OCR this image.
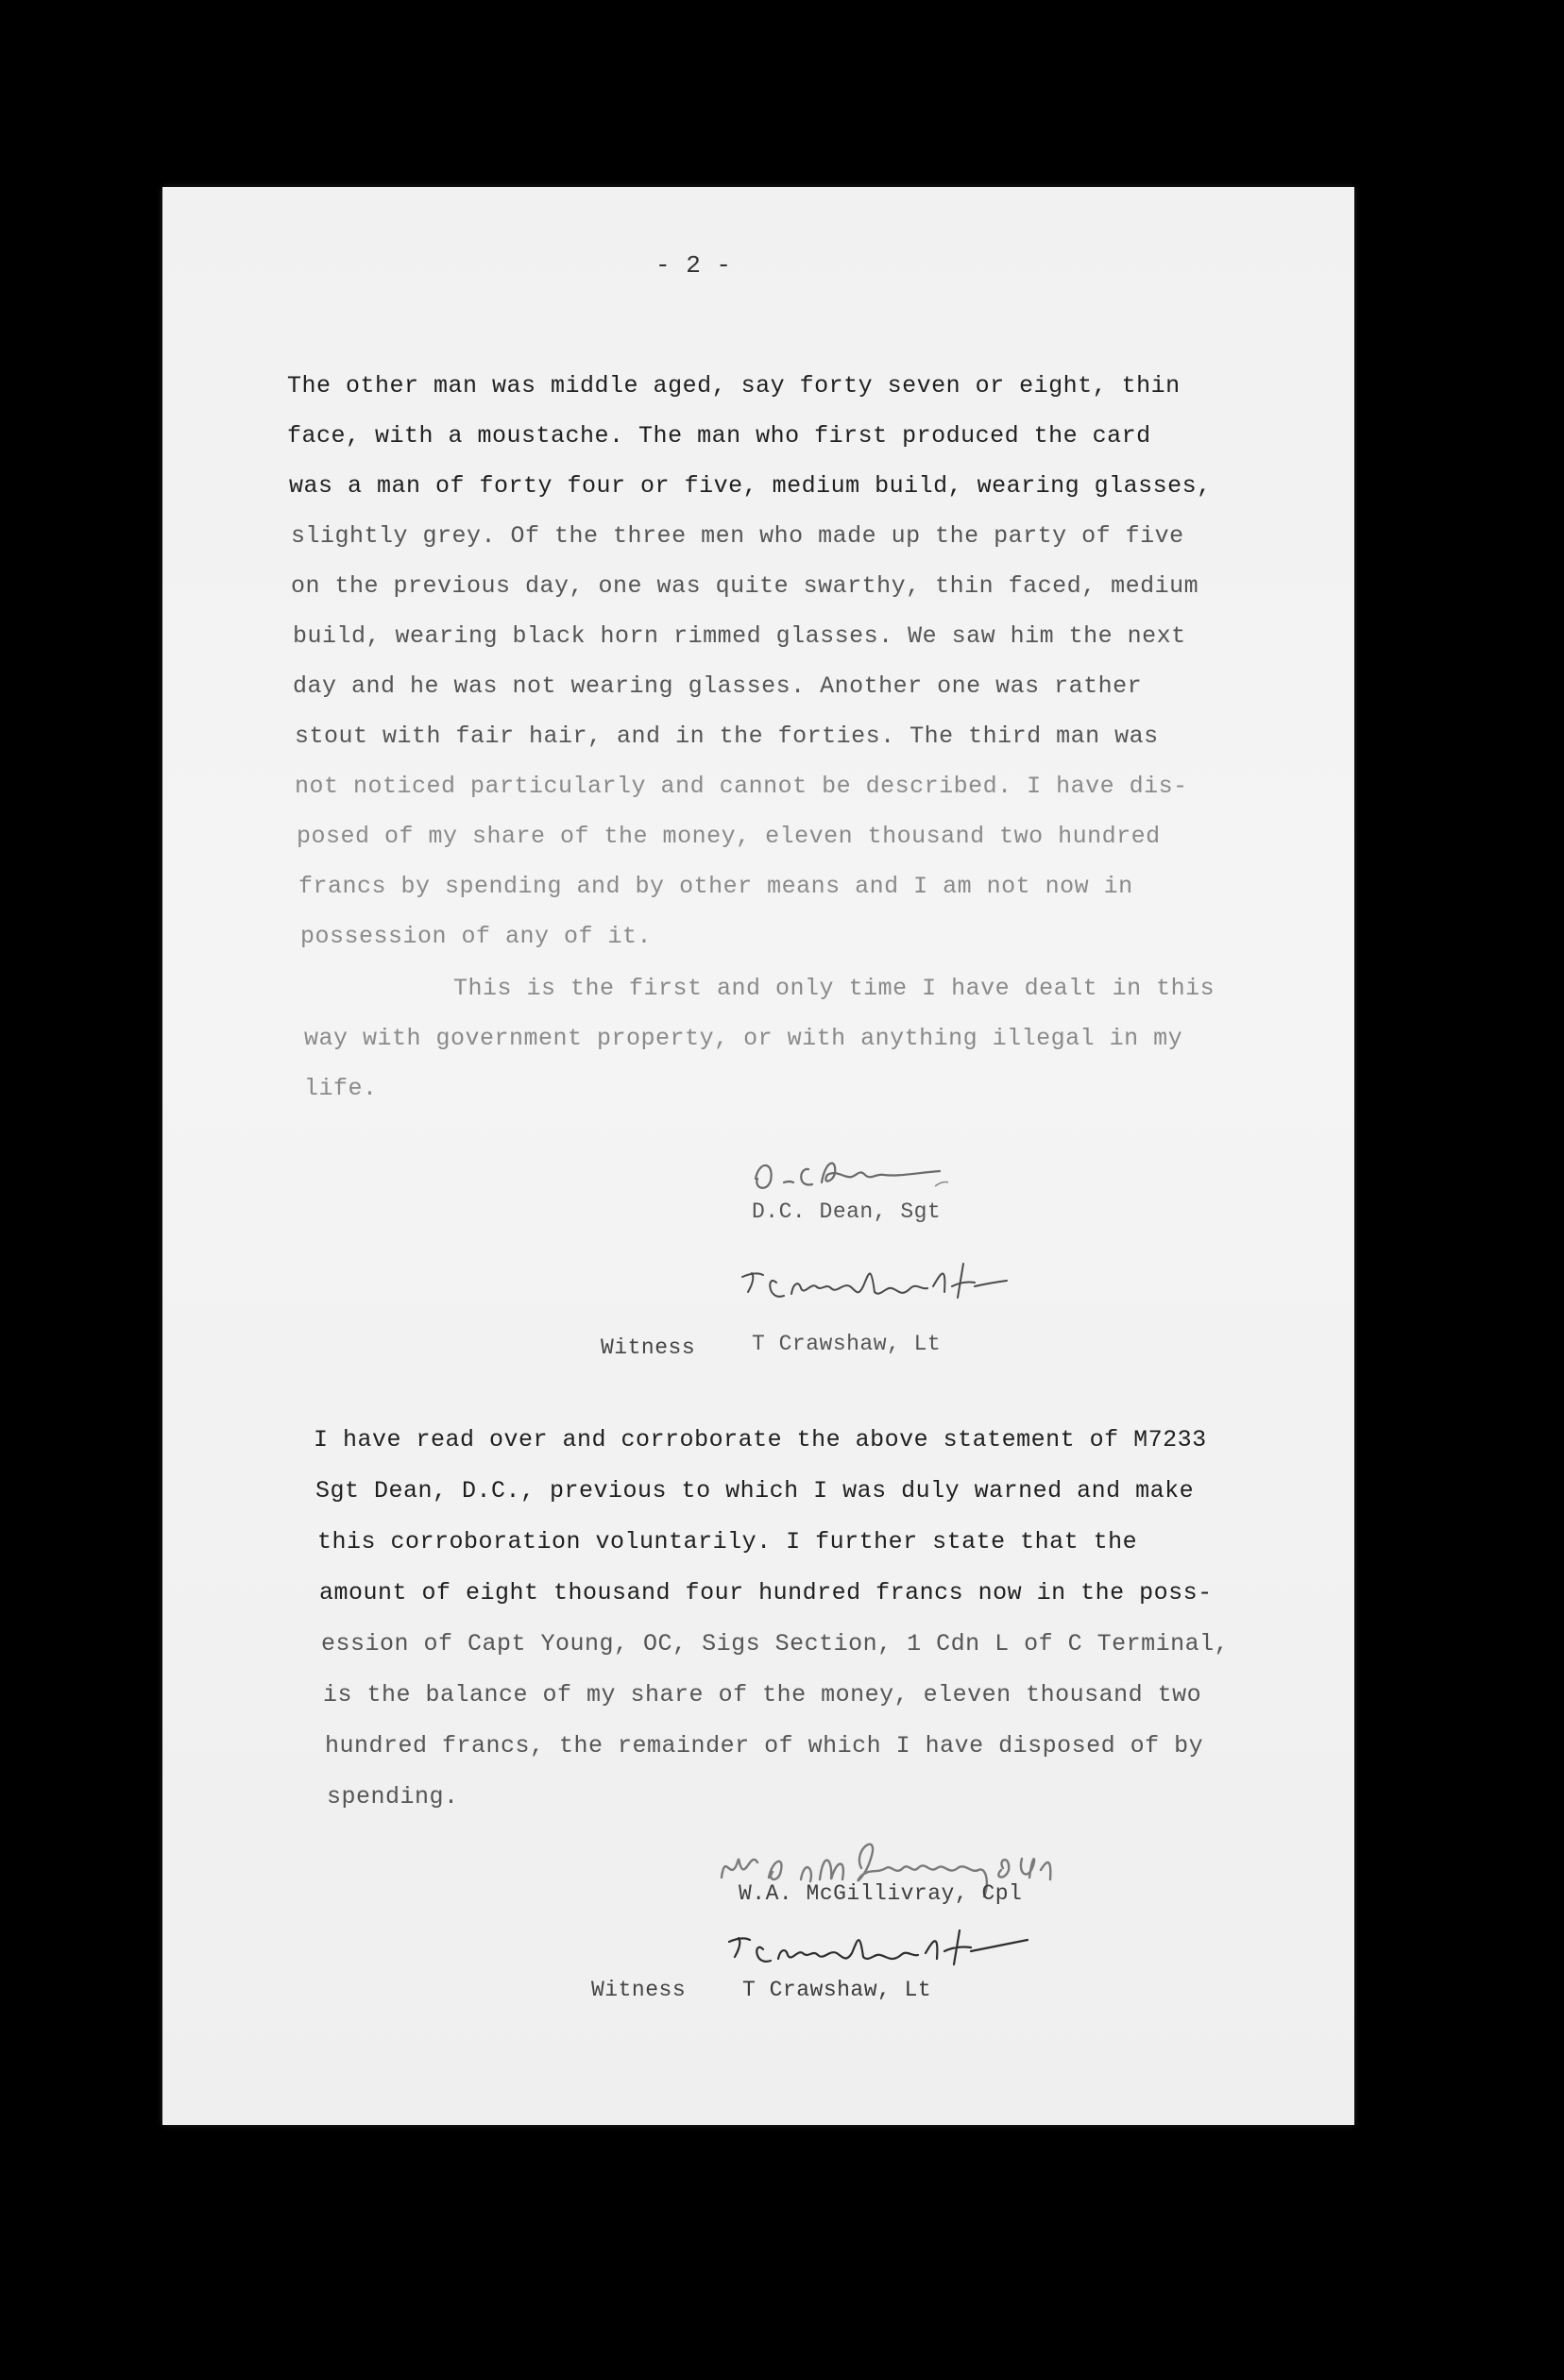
- 2 -
The other man was middle aged, say forty seven or eight, thin
face, with a moustache. The man who first produced the card
was a man of forty four or five, medium build, wearing glasses,
slightly grey. Of the three men who made up the party of five
on the previous day, one was quite swarthy, thin faced, medium
build, wearing black horn rimmed glasses. We saw him the next
day and he was not wearing glasses. Another one was rather
stout with fair hair, and in the forties. The third man was
not noticed particularly and cannot be described. I have dis-
posed of my share of the money, eleven thousand two hundred
francs by spending and by other means and I am not now in
possession of any of it.
This is the first and only time I have dealt in this
way with government property, or with anything illegal in my
life.
D.C. Dean, Sgt
Witness	T Crawshaw, Lt
I have read over and corroborate the above statement of M7233
Sgt Dean, D.C., previous to which I was duly warned and make
this corroboration voluntarily. I further state that the
amount of eight thousand four hundred francs now in the poss-
ession of Capt Young, OC, Sigs Section, 1 Cdn L of C Terminal,
is the balance of my share of the money, eleven thousand two
hundred francs, the remainder of which I have disposed of by
spending.
W.A. McGillivray, Cpl
Witness	T Crawshaw, Lt
